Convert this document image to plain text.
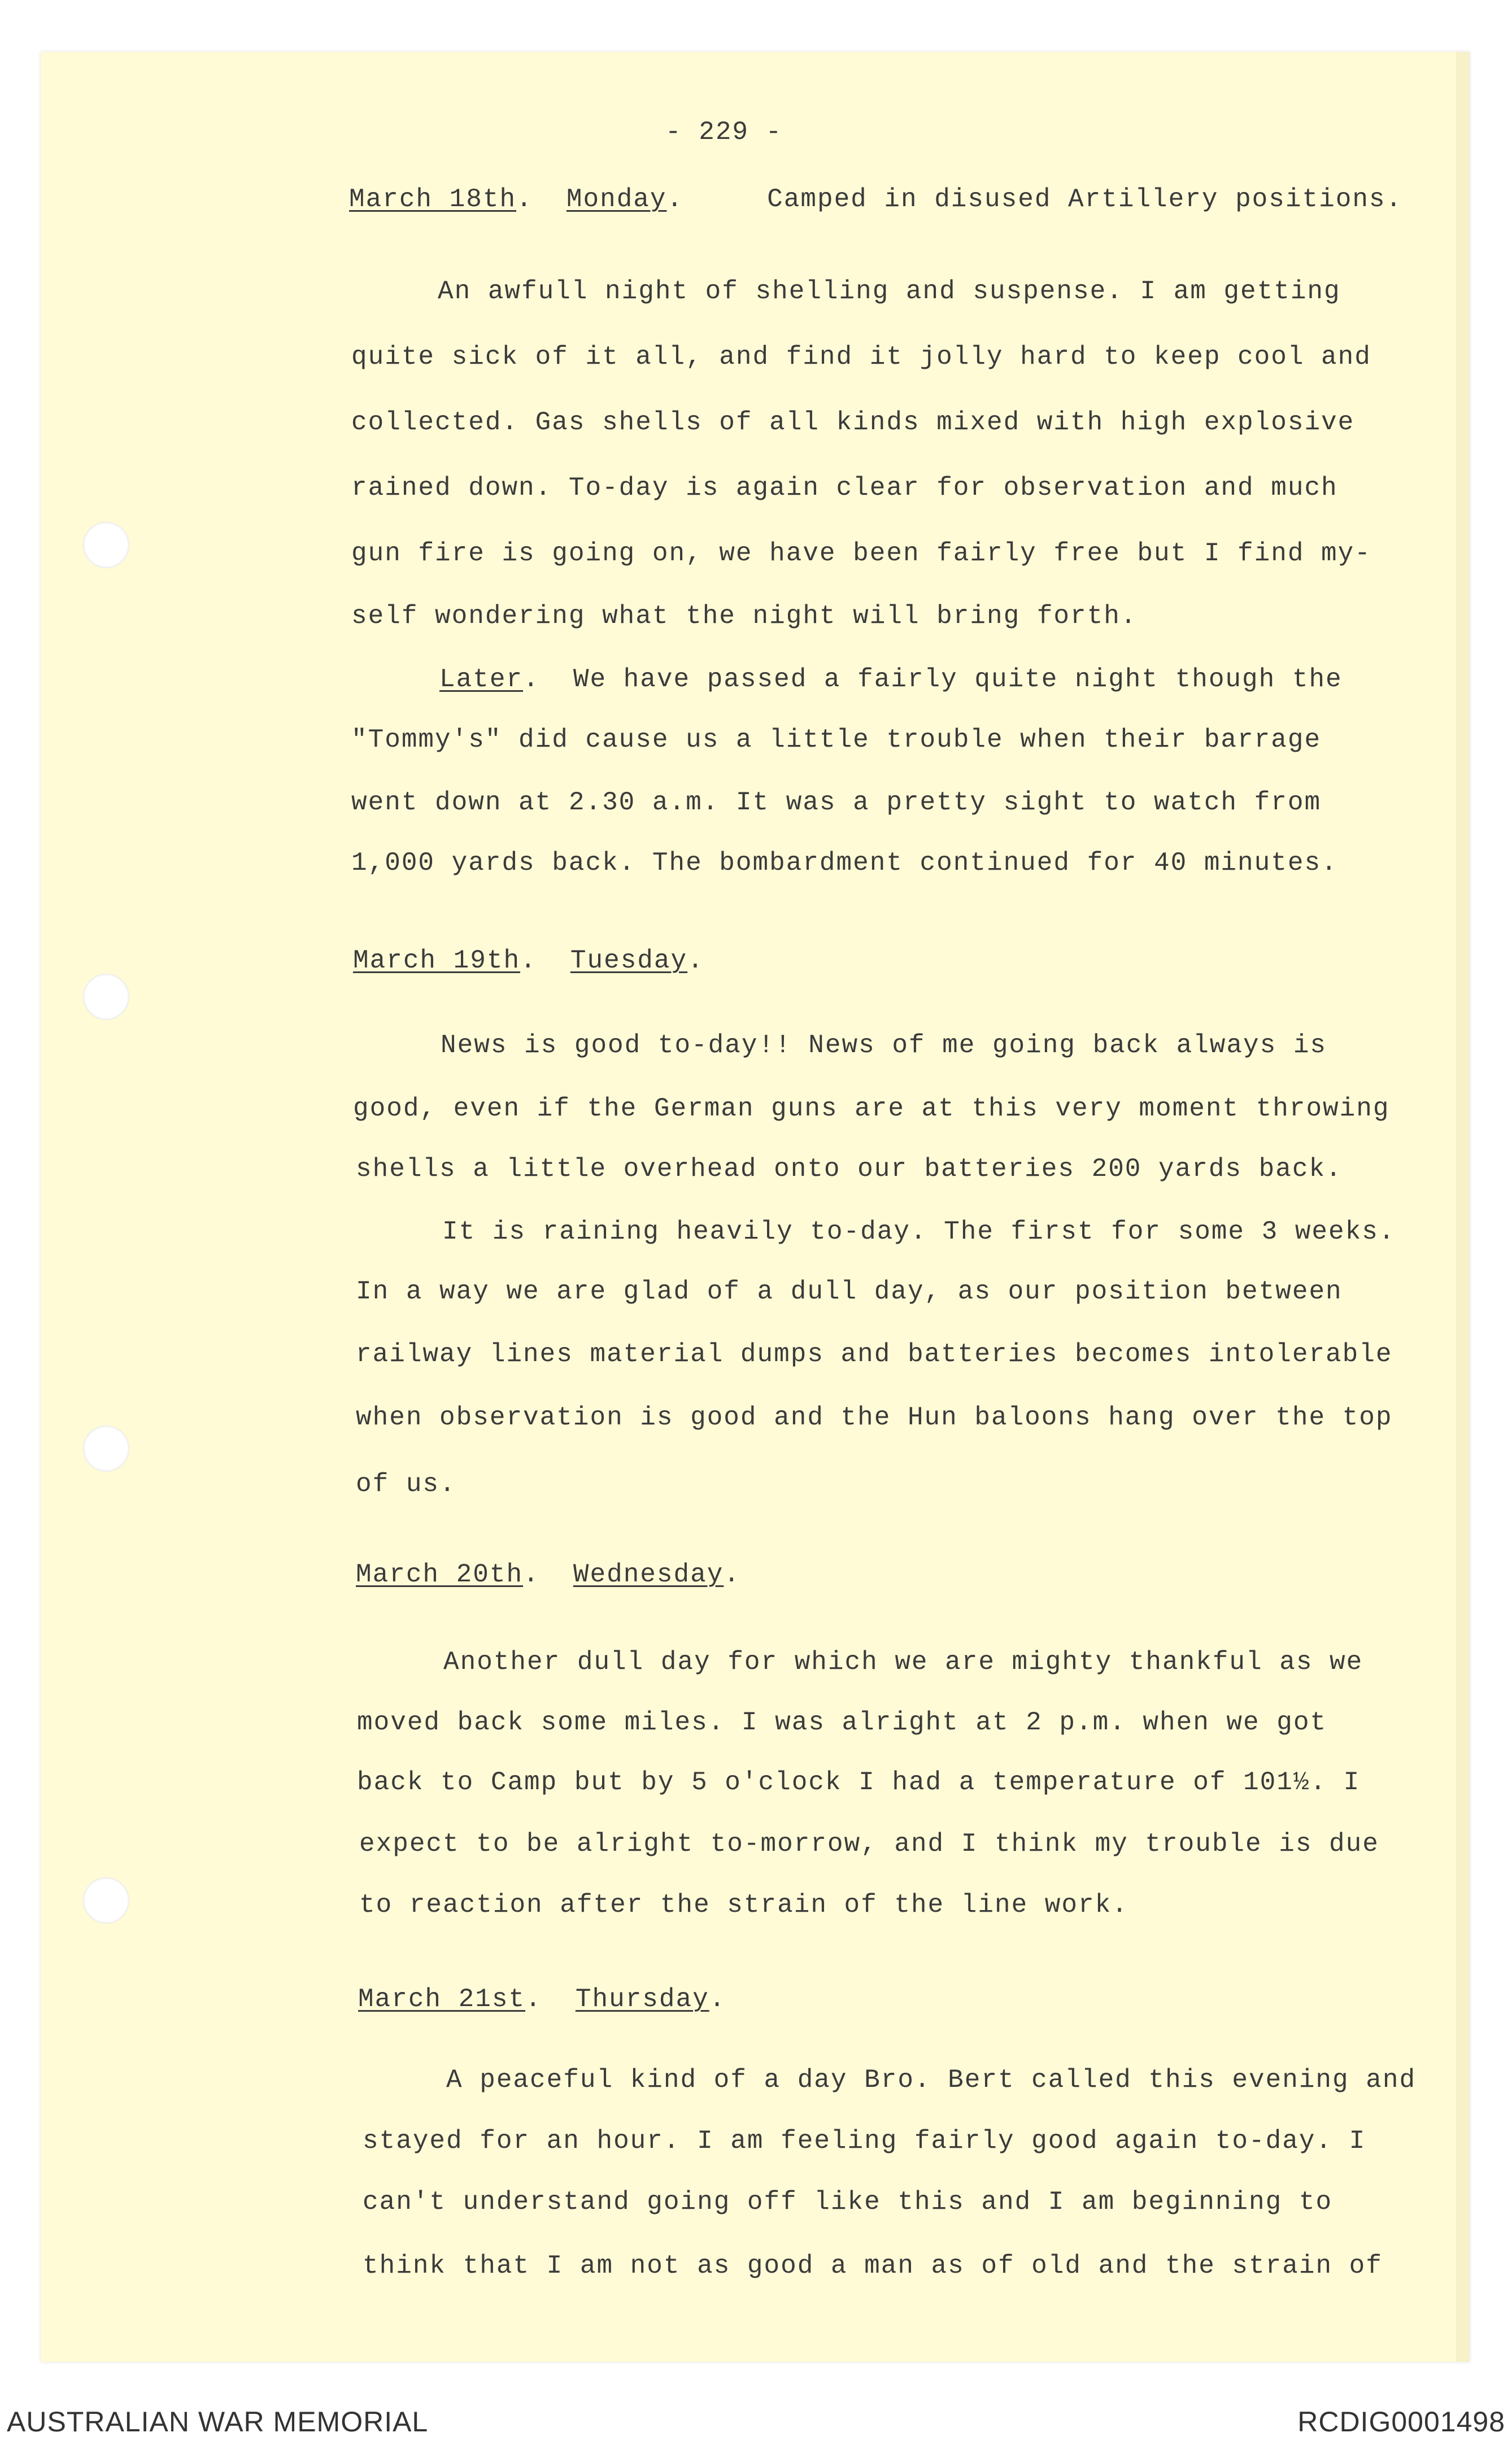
- 229 -
March 18th.  Monday.     Camped in disused Artillery positions.
An awfull night of shelling and suspense. I am getting
quite sick of it all, and find it jolly hard to keep cool and
collected. Gas shells of all kinds mixed with high explosive
rained down. To-day is again clear for observation and much
gun fire is going on, we have been fairly free but I find my-
self wondering what the night will bring forth.
Later.  We have passed a fairly quite night though the
"Tommy's" did cause us a little trouble when their barrage
went down at 2.30 a.m. It was a pretty sight to watch from
1,000 yards back. The bombardment continued for 40 minutes.
March 19th.  Tuesday.
News is good to-day!! News of me going back always is
good, even if the German guns are at this very moment throwing
shells a little overhead onto our batteries 200 yards back.
It is raining heavily to-day. The first for some 3 weeks.
In a way we are glad of a dull day, as our position between
railway lines material dumps and batteries becomes intolerable
when observation is good and the Hun baloons hang over the top
of us.
March 20th.  Wednesday.
Another dull day for which we are mighty thankful as we
moved back some miles. I was alright at 2 p.m. when we got
back to Camp but by 5 o'clock I had a temperature of 101½. I
expect to be alright to-morrow, and I think my trouble is due
to reaction after the strain of the line work.
March 21st.  Thursday.
A peaceful kind of a day Bro. Bert called this evening and
stayed for an hour. I am feeling fairly good again to-day. I
can't understand going off like this and I am beginning to
think that I am not as good a man as of old and the strain of
AUSTRALIAN WAR MEMORIAL	RCDIG0001498
